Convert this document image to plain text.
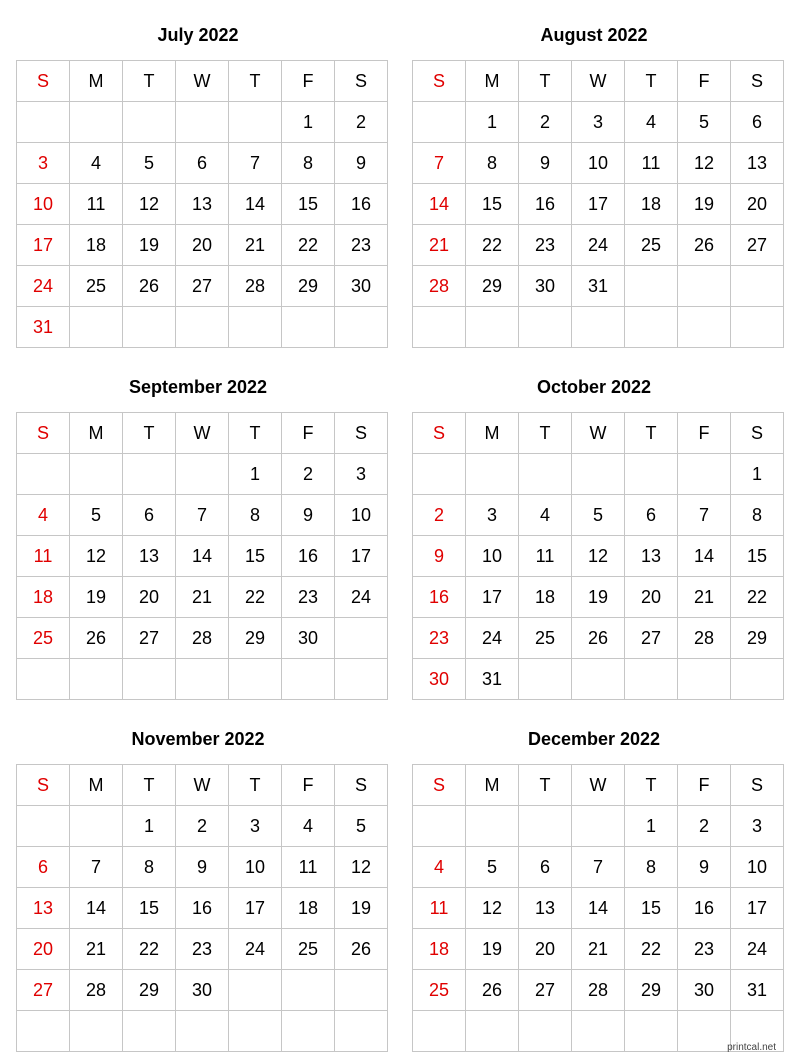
July 2022
S	M	T	W	T	F	S
					1	2
3	4	5	6	7	8	9
10	11	12	13	14	15	16
17	18	19	20	21	22	23
24	25	26	27	28	29	30
31						
August 2022
S	M	T	W	T	F	S
	1	2	3	4	5	6
7	8	9	10	11	12	13
14	15	16	17	18	19	20
21	22	23	24	25	26	27
28	29	30	31			

September 2022
S	M	T	W	T	F	S
				1	2	3
4	5	6	7	8	9	10
11	12	13	14	15	16	17
18	19	20	21	22	23	24
25	26	27	28	29	30	

October 2022
S	M	T	W	T	F	S
						1
2	3	4	5	6	7	8
9	10	11	12	13	14	15
16	17	18	19	20	21	22
23	24	25	26	27	28	29
30	31					
November 2022
S	M	T	W	T	F	S
		1	2	3	4	5
6	7	8	9	10	11	12
13	14	15	16	17	18	19
20	21	22	23	24	25	26
27	28	29	30			

December 2022
S	M	T	W	T	F	S
				1	2	3
4	5	6	7	8	9	10
11	12	13	14	15	16	17
18	19	20	21	22	23	24
25	26	27	28	29	30	31

printcal.net
